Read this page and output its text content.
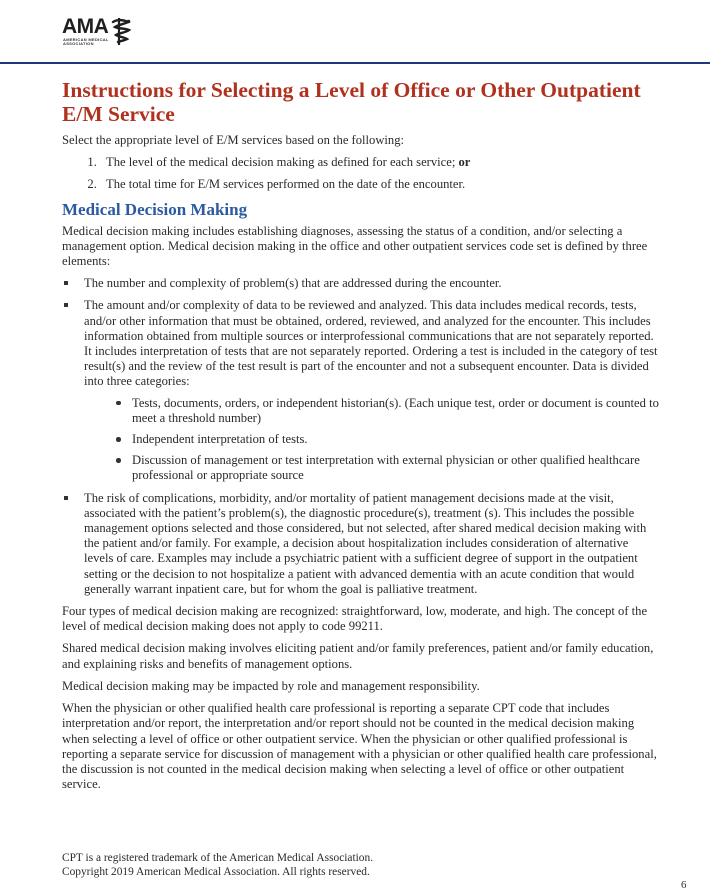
AMA
AMERICAN MEDICAL ASSOCIATION
Instructions for Selecting a Level of Office or Other Outpatient E/M Service

Select the appropriate level of E/M services based on the following:

1. The level of the medical decision making as defined for each service; or
2. The total time for E/M services performed on the date of the encounter.
Medical Decision Making

Medical decision making includes establishing diagnoses, assessing the status of a condition, and/or selecting a management option. Medical decision making in the office and other outpatient services code set is defined by three elements:

The number and complexity of problem(s) that are addressed during the encounter.
The amount and/or complexity of data to be reviewed and analyzed. This data includes medical records, tests, and/or other information that must be obtained, ordered, reviewed, and analyzed for the encounter. This includes information obtained from multiple sources or interprofessional communications that are not separately reported. It includes interpretation of tests that are not separately reported. Ordering a test is included in the category of test result(s) and the review of the test result is part of the encounter and not a subsequent encounter. Data is divided into three categories:
Tests, documents, orders, or independent historian(s). (Each unique test, order or document is counted to meet a threshold number)
Independent interpretation of tests.
Discussion of management or test interpretation with external physician or other qualified healthcare professional or appropriate source
The risk of complications, morbidity, and/or mortality of patient management decisions made at the visit, associated with the patient’s problem(s), the diagnostic procedure(s), treatment (s). This includes the possible management options selected and those considered, but not selected, after shared medical decision making with the patient and/or family. For example, a decision about hospitalization includes consideration of alternative levels of care. Examples may include a psychiatric patient with a sufficient degree of support in the outpatient setting or the decision to not hospitalize a patient with advanced dementia with an acute condition that would generally warrant inpatient care, but for whom the goal is palliative treatment.

Four types of medical decision making are recognized: straightforward, low, moderate, and high. The concept of the level of medical decision making does not apply to code 99211.

Shared medical decision making involves eliciting patient and/or family preferences, patient and/or family education, and explaining risks and benefits of management options.

Medical decision making may be impacted by role and management responsibility.

When the physician or other qualified health care professional is reporting a separate CPT code that includes interpretation and/or report, the interpretation and/or report should not be counted in the medical decision making when selecting a level of office or other outpatient service. When the physician or other qualified professional is reporting a separate service for discussion of management with a physician or other qualified health care professional, the discussion is not counted in the medical decision making when selecting a level of office or other outpatient service.

CPT is a registered trademark of the American Medical Association.
Copyright 2019 American Medical Association. All rights reserved.
6
